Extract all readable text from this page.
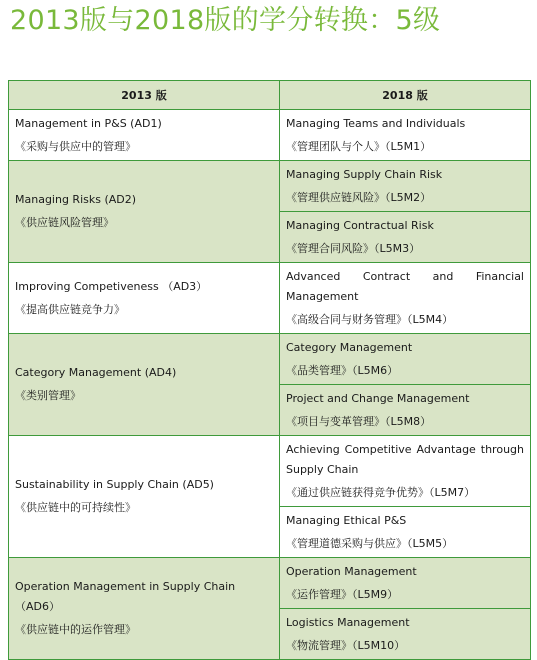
2013版与2018版的学分转换：5级
2013 版	2018 版

Management in P&S (AD1)
《采购与供应中的管理》	Managing Teams and Individuals
《管理团队与个人》（L5M1）

Managing Risks (AD2)
《供应链风险管理》	Managing Supply Chain Risk
《管理供应链风险》（L5M2）

	Managing Contractual Risk
《管理合同风险》（L5M3）

Improving Competiveness （AD3）
《提高供应链竞争力》	Advanced Contract and Financial Management
《高级合同与财务管理》（L5M4）

Category Management (AD4)
《类别管理》	Category Management
《品类管理》（L5M6）

	Project and Change Management
《项目与变革管理》（L5M8）

Sustainability in Supply Chain (AD5)
《供应链中的可持续性》	Achieving Competitive Advantage through Supply Chain
《通过供应链获得竞争优势》（L5M7）

	Managing Ethical P&S
《管理道德采购与供应》（L5M5）

Operation Management in Supply Chain （AD6）
《供应链中的运作管理》	Operation Management
《运作管理》（L5M9）

	Logistics Management
《物流管理》（L5M10）
